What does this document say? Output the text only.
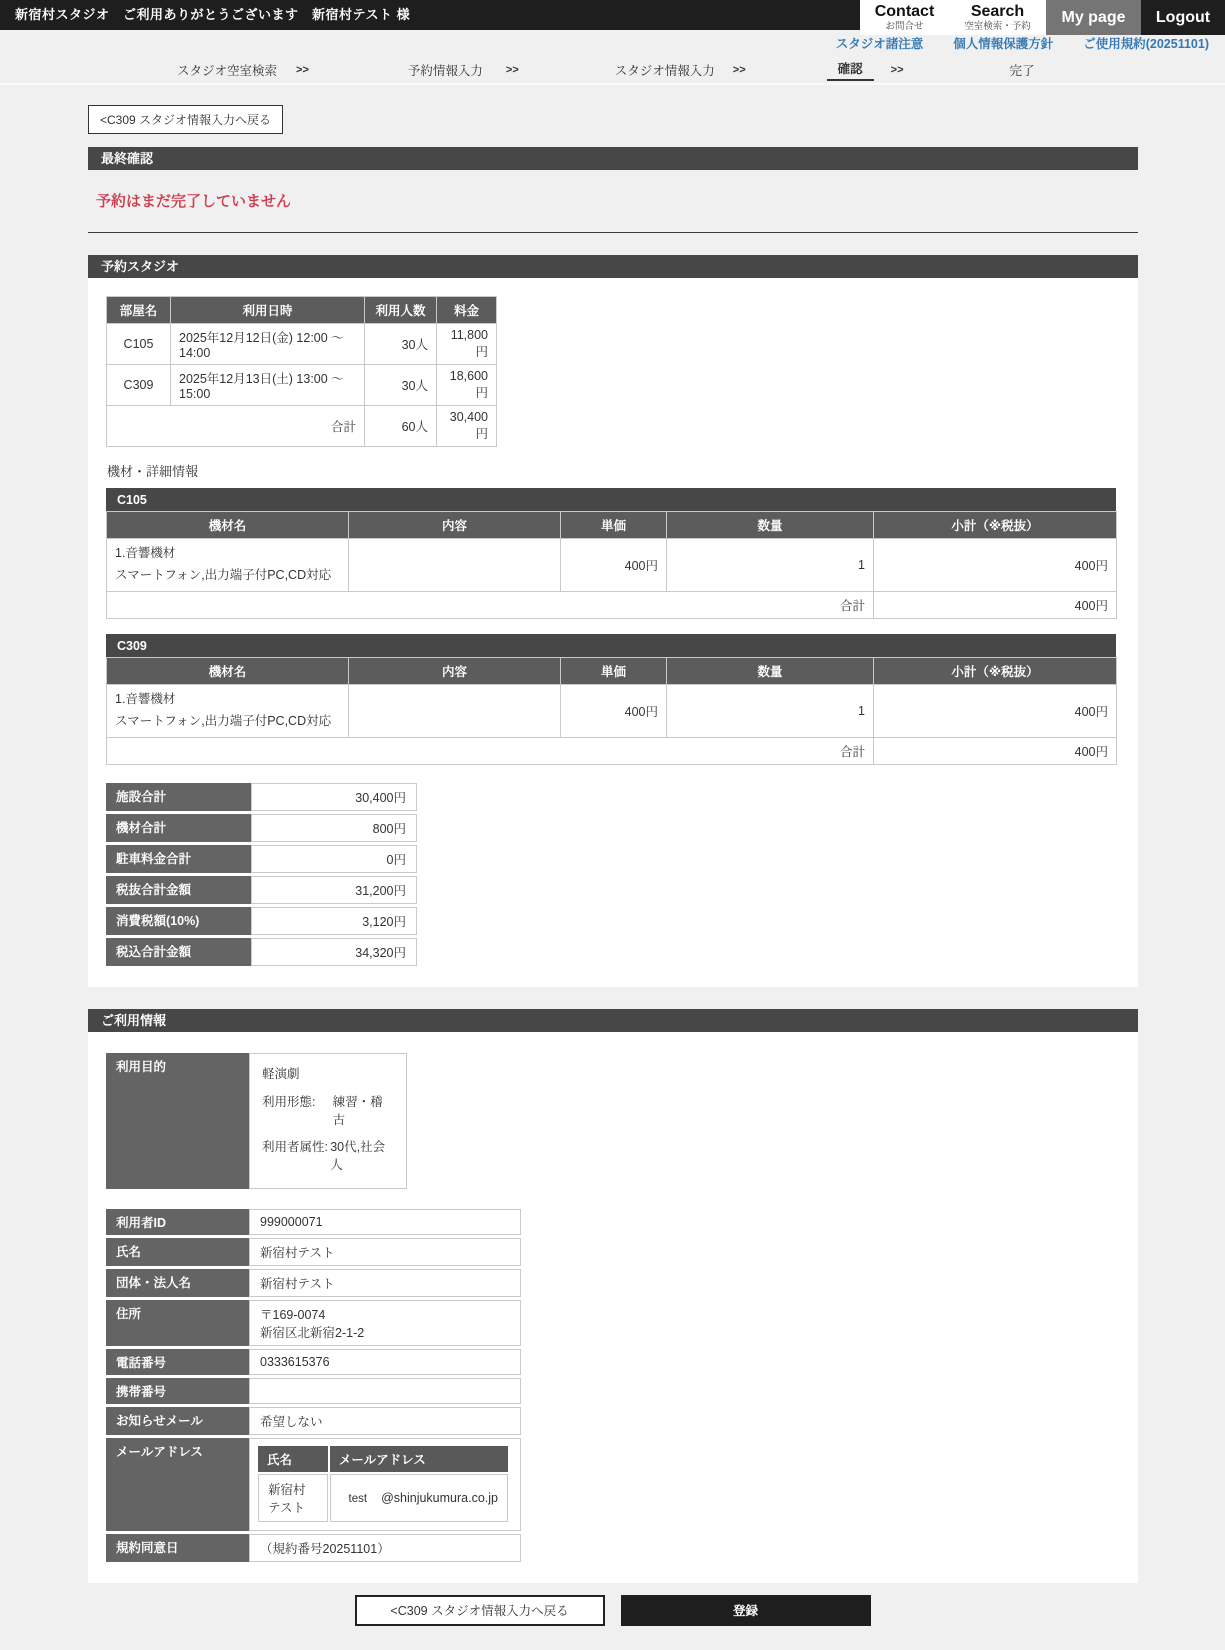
新宿村スタジオ　ご利用ありがとうございます　新宿村テスト 様	Contact
お問合せ
Search
空室検索・予約
My page Logout
スタジオ諸注意 個人情報保護方針 ご使用規約(20251101)
スタジオ空室検索 >>	予約情報入力 >>	スタジオ情報入力 >>	確認	>>	完了
<C309 スタジオ情報入力へ戻る
最終確認
予約はまだ完了していません
予約スタジオ
部屋名	利用日時	利用人数	料金
C105	2025年12月12日(金) 12:00 ～ 14:00	30人	11,800円
C309	2025年12月13日(土) 13:00 ～ 15:00	30人	18,600円
合計		60人	30,400円
機材・詳細情報
C105
機材名	内容	単価	数量	小計（※税抜）

1.音響機材
スマートフォン,出力端子付PC,CD対応		400円	1	400円
合計				400円
C309
機材名	内容	単価	数量	小計（※税抜）

1.音響機材
スマートフォン,出力端子付PC,CD対応		400円	1	400円
合計				400円
施設合計	30,400円
機材合計	800円
駐車料金合計	0円
税抜合計金額	31,200円
消費税額(10%)	3,120円
税込合計金額	34,320円
ご利用情報
利用目的	軽演劇
利用形態:	練習・稽古
利用者属性: 30代,社会人
利用者ID	999000071
氏名	新宿村テスト
団体・法人名	新宿村テスト
住所	〒169-0074
新宿区北新宿2-1-2

電話番号	0333615376
携帯番号	
お知らせメール	希望しない
メールアドレス	
氏名	メールアドレス
新宿村テスト	test @shinjukumura.co.jp

規約同意日	（規約番号20251101）
<C309 スタジオ情報入力へ戻る	登録
